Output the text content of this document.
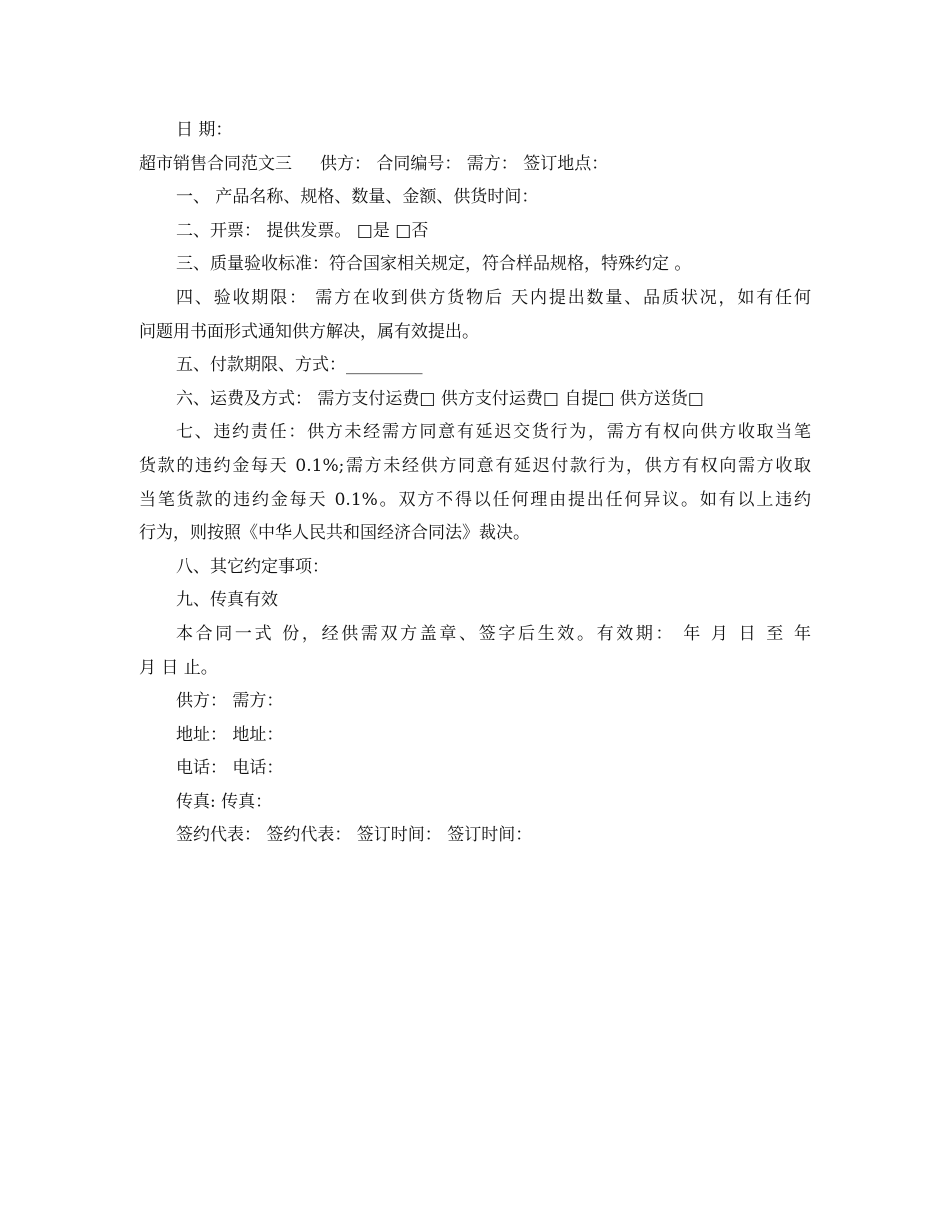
日 期：
超市销售合同范文三 供方： 合同编号： 需方： 签订地点：
一、 产品名称、规格、数量、金额、供货时间：
二、开票： 提供发票。 □是 □否
三、质量验收标准：符合国家相关规定，符合样品规格，特殊约定 。
四、验收期限： 需方在收到供方货物后 天内提出数量、品质状况，如有任何
问题用书面形式通知供方解决，属有效提出。
五、付款期限、方式：_________
六、运费及方式： 需方支付运费□ 供方支付运费□ 自提□ 供方送货□
七、违约责任：供方未经需方同意有延迟交货行为，需方有权向供方收取当笔
货款的违约金每天 0.1%;需方未经供方同意有延迟付款行为，供方有权向需方收取
当笔货款的违约金每天 0.1%。双方不得以任何理由提出任何异议。如有以上违约
行为，则按照《中华人民共和国经济合同法》裁决。
八、其它约定事项：
九、传真有效
本合同一式 份，经供需双方盖章、签字后生效。有效期： 年 月 日 至 年
月 日 止。
供方： 需方：
地址： 地址：
电话： 电话：
传真: 传真：
签约代表： 签约代表： 签订时间： 签订时间：
